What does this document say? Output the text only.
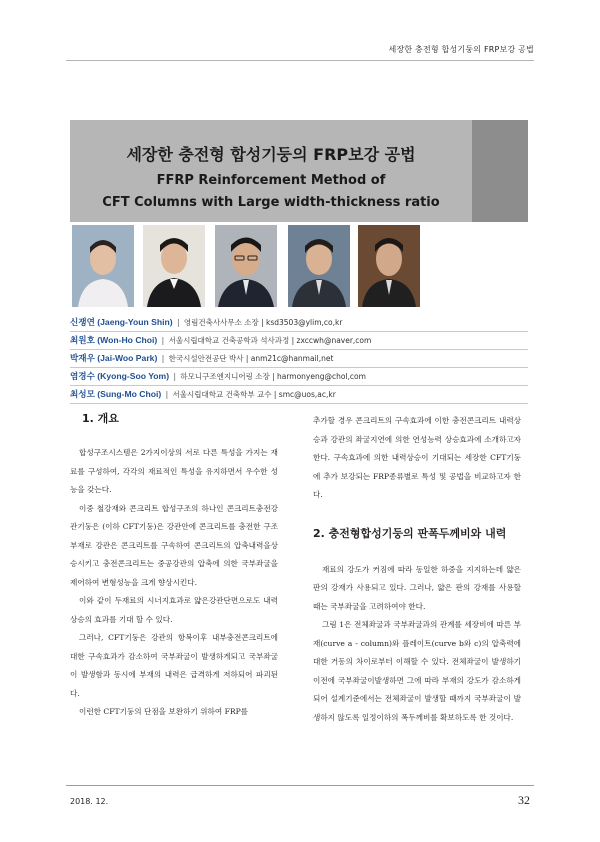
세장한 충전형 합성기둥의 FRP보강 공법
세장한 충전형 합성기둥의 FRP보강 공법
FFRP Reinforcement Method of
CFT Columns with Large width-thickness ratio
신쟁연 (Jaeng-Youn Shin) | 영림건축사사무소 소장 | ksd3503@ylim,co,kr
최원호 (Won-Ho Choi) | 서울시립대학교 건축공학과 석사과정 | zxccwh@naver,com
박재우 (Jai-Woo Park) | 한국시설안전공단 박사 | anm21c@hanmail,net
염경수 (Kyong-Soo Yom) | 하모니구조엔지니어링 소장 | harmonyeng@chol,com
최성모 (Sung-Mo Choi) | 서울시립대학교 건축학부 교수 | smc@uos,ac,kr
1. 개요

합성구조시스템은 2가지이상의 서로 다른 특성을 가지는 재료를 구성하여, 각각의 재료적인 특성을 유지하면서 우수한 성능을 갖는다.

이중 철강재와 콘크리트 합성구조의 하나인 콘크리트충전강관기둥은 (이하 CFT기둥)은 강관안에 콘크리트를 충전한 구조부재로 강관은 콘크리트를 구속하여 콘크리트의 압축내력을상승시키고 충전콘크리트는 중공강관의 압축에 의한 국부좌굴을 제어하여 변형성능을 크게 향상시킨다.

이와 같이 두재료의 시너지효과로 얇은강관단면으로도 내력상승의 효과를 기대 할 수 있다.

그러나, CFT기둥은 강관의 항복이후 내부충전콘크리트에 대한 구속효과가 감소하여 국부좌굴이 발생하게되고 국부좌굴이 발생함과 동시에 부재의 내력은 급격하게 저하되어 파괴된다.

이런한 CFT기둥의 단점을 보완하기 위하여 FRP를

추가할 경우 콘크리트의 구속효과에 이한 충전콘크리트 내력상승과 강관의 좌굴지연에 의한 연성능력 상승효과에 소개하고자 한다. 구속효과에 의한 내력상승이 기대되는 세장한 CFT기둥에 추가 보강되는 FRP종류별로 특성 및 공법을 비교하고자 한다.

2. 충전형합성기둥의 판폭두께비와 내력

재료의 강도가 커짐에 따라 동일한 하중을 지지하는데 얇은 판의 강재가 사용되고 있다. 그러나, 얇은 판의 강재를 사용할 때는 국부좌굴을 고려하여야 한다.

그림 1은 전체좌굴과 국부좌굴과의 관계를 세장비에 따른 부재(curve a - column)와 플레이트(curve b와 c)의 압축력에 대한 거동의 차이로부터 이해할 수 있다. 전체좌굴이 발생하기 이전에 국부좌굴이발생하면 그에 따라 부재의 강도가 감소하게 되어 설계기준에서는 전체좌굴이 발생할 때까지 국부좌굴이 발생하지 않도록 일정이하의 폭두께비를 확보하도록 한 것이다.

2018. 12.	32
